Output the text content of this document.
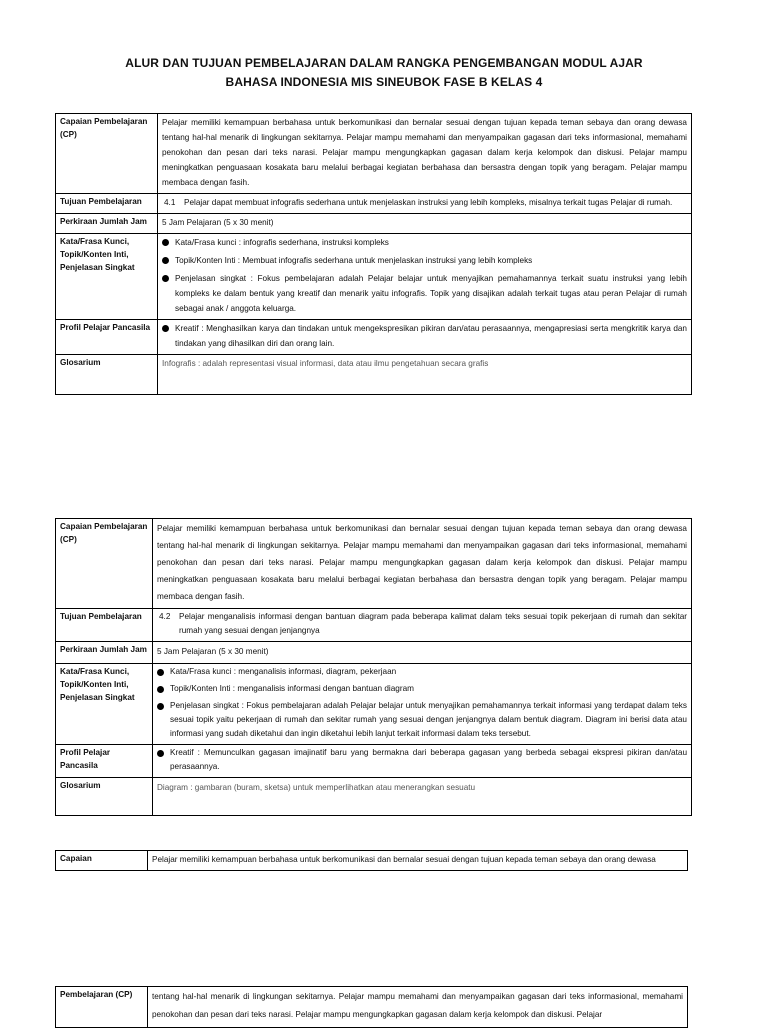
ALUR DAN TUJUAN PEMBELAJARAN DALAM RANGKA PENGEMBANGAN MODUL AJAR
BAHASA INDONESIA MIS SINEUBOK FASE B KELAS 4
Capaian Pembelajaran (CP)	Pelajar memiliki kemampuan berbahasa untuk berkomunikasi dan bernalar sesuai dengan tujuan kepada teman sebaya dan orang dewasa tentang hal-hal menarik di lingkungan sekitarnya. Pelajar mampu memahami dan menyampaikan gagasan dari teks informasional, memahami penokohan dan pesan dari teks narasi. Pelajar mampu mengungkapkan gagasan dalam kerja kelompok dan diskusi. Pelajar mampu meningkatkan penguasaan kosakata baru melalui berbagai kegiatan berbahasa dan bersastra dengan topik yang beragam. Pelajar mampu membaca dengan fasih.
Tujuan Pembelajaran	4.1 Pelajar dapat membuat infografis sederhana untuk menjelaskan instruksi yang lebih kompleks, misalnya terkait tugas Pelajar di rumah.

Perkiraan Jumlah Jam	5 Jam Pelajaran (5 x 30 menit)
Kata/Frasa Kunci, Topik/Konten Inti, Penjelasan Singkat	Kata/Frasa kunci : infografis sederhana, instruksi kompleks
Topik/Konten Inti : Membuat infografis sederhana untuk menjelaskan instruksi yang lebih kompleks
Penjelasan singkat : Fokus pembelajaran adalah Pelajar belajar untuk menyajikan pemahamannya terkait suatu instruksi yang lebih kompleks ke dalam bentuk yang kreatif dan menarik yaitu infografis. Topik yang disajikan adalah terkait tugas atau peran Pelajar di rumah sebagai anak / anggota keluarga.

Profil Pelajar Pancasila	Kreatif : Menghasilkan karya dan tindakan untuk mengekspresikan pikiran dan/atau perasaannya, mengapresiasi serta mengkritik karya dan tindakan yang dihasilkan diri dan orang lain.

Glosarium	Infografis : adalah representasi visual informasi, data atau ilmu pengetahuan secara grafis
Capaian Pembelajaran (CP)	Pelajar memiliki kemampuan berbahasa untuk berkomunikasi dan bernalar sesuai dengan tujuan kepada teman sebaya dan orang dewasa tentang hal-hal menarik di lingkungan sekitarnya. Pelajar mampu memahami dan menyampaikan gagasan dari teks informasional, memahami penokohan dan pesan dari teks narasi. Pelajar mampu mengungkapkan gagasan dalam kerja kelompok dan diskusi. Pelajar mampu meningkatkan penguasaan kosakata baru melalui berbagai kegiatan berbahasa dan bersastra dengan topik yang beragam. Pelajar mampu membaca dengan fasih.
Tujuan Pembelajaran	4.2 Pelajar menganalisis informasi dengan bantuan diagram pada beberapa kalimat dalam teks sesuai topik pekerjaan di rumah dan sekitar rumah yang sesuai dengan jenjangnya

Perkiraan Jumlah Jam	5 Jam Pelajaran (5 x 30 menit)
Kata/Frasa Kunci, Topik/Konten Inti, Penjelasan Singkat	Kata/Frasa kunci : menganalisis informasi, diagram, pekerjaan
Topik/Konten Inti : menganalisis informasi dengan bantuan diagram
Penjelasan singkat : Fokus pembelajaran adalah Pelajar belajar untuk menyajikan pemahamannya terkait informasi yang terdapat dalam teks sesuai topik yaitu pekerjaan di rumah dan sekitar rumah yang sesuai dengan jenjangnya dalam bentuk diagram. Diagram ini berisi data atau informasi yang sudah diketahui dan ingin diketahui lebih lanjut terkait informasi dalam teks tersebut.

Profil Pelajar Pancasila	Kreatif : Memunculkan gagasan imajinatif baru yang bermakna dari beberapa gagasan yang berbeda sebagai ekspresi pikiran dan/atau perasaannya.

Glosarium	Diagram : gambaran (buram, sketsa) untuk memperlihatkan atau menerangkan sesuatu
Capaian	Pelajar memiliki kemampuan berbahasa untuk berkomunikasi dan bernalar sesuai dengan tujuan kepada teman sebaya dan orang dewasa
Pembelajaran (CP)	tentang hal-hal menarik di lingkungan sekitarnya. Pelajar mampu memahami dan menyampaikan gagasan dari teks informasional, memahami penokohan dan pesan dari teks narasi. Pelajar mampu mengungkapkan gagasan dalam kerja kelompok dan diskusi. Pelajar
